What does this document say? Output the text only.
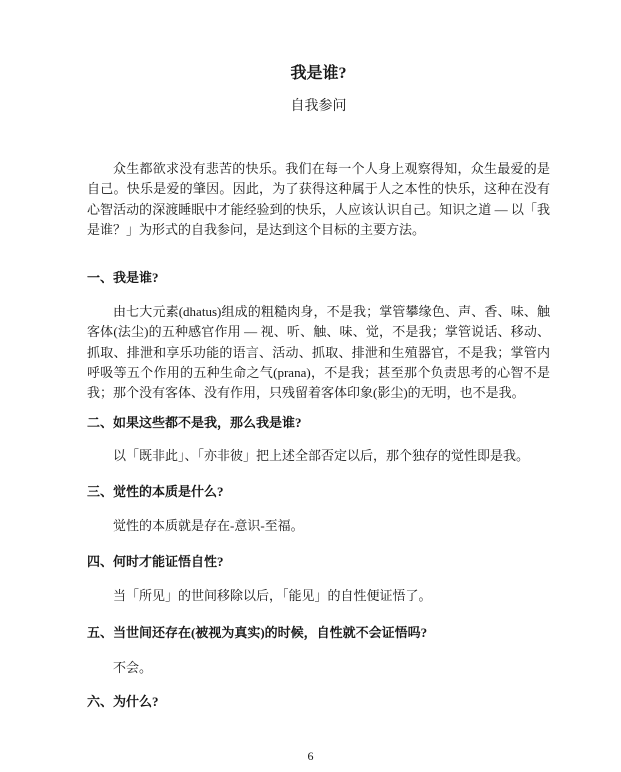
我是谁?
自我参问

众生都欲求没有悲苦的快乐。我们在每一个人身上观察得知，众生最爱的是自己。快乐是爱的肇因。因此，为了获得这种属于人之本性的快乐，这种在没有心智活动的深渡睡眠中才能经验到的快乐，人应该认识自己。知识之道 — 以「我是谁？」为形式的自我参问，是达到这个目标的主要方法。

一、我是谁?

由七大元素(dhatus)组成的粗糙肉身，不是我；掌管攀缘色、声、香、味、触客体(法尘)的五种感官作用 — 视、听、触、味、觉，不是我；掌管说话、移动、抓取、排泄和享乐功能的语言、活动、抓取、排泄和生殖器官，不是我；掌管内呼吸等五个作用的五种生命之气(prana)，不是我；甚至那个负责思考的心智不是我；那个没有客体、没有作用，只残留着客体印象(影尘)的无明，也不是我。

二、如果这些都不是我，那么我是谁?

以「既非此」、「亦非彼」把上述全部否定以后，那个独存的觉性即是我。

三、觉性的本质是什么?

觉性的本质就是存在-意识-至福。

四、何时才能证悟自性?

当「所见」的世间移除以后，「能见」的自性便证悟了。

五、当世间还存在(被视为真实)的时候，自性就不会证悟吗?

不会。

六、为什么?
6
